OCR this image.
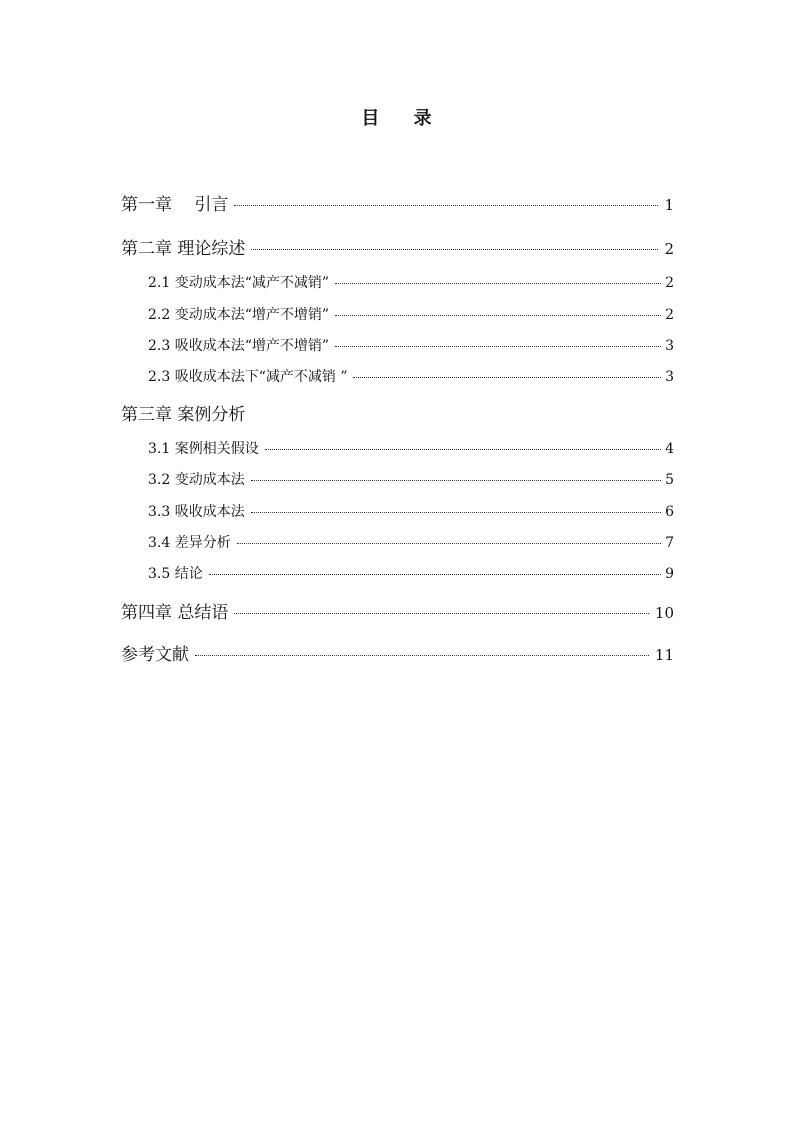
目 录
第一章　 引言	1
第二章 理论综述	2
2.1 变动成本法“减产不减销”	2
2.2 变动成本法“增产不增销”	2
2.3 吸收成本法“增产不增销”	3
2.3 吸收成本法下“减产不减销 ”	3
第三章 案例分析
3.1 案例相关假设	4
3.2 变动成本法	5
3.3 吸收成本法	6
3.4 差异分析	7
3.5 结论	9
第四章 总结语	10
参考文献	11
